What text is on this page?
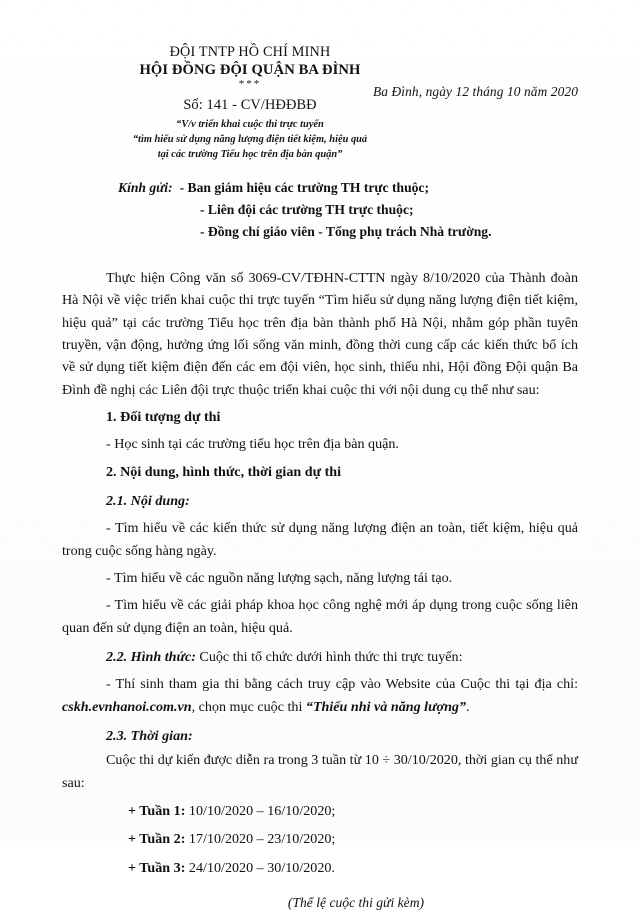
ĐỘI TNTP HỒ CHÍ MINH
HỘI ĐỒNG ĐỘI QUẬN BA ĐÌNH
***
Số: 141 - CV/HĐĐBĐ
“V/v triển khai cuộc thi trực tuyến
“tìm hiểu sử dụng năng lượng điện tiết kiệm, hiệu quả
tại các trường Tiểu học trên địa bàn quận”
Ba Đình, ngày 12 tháng 10 năm 2020
Kính gửi: - Ban giám hiệu các trường TH trực thuộc;
- Liên đội các trường TH trực thuộc;
- Đồng chí giáo viên - Tổng phụ trách Nhà trường.

Thực hiện Công văn số 3069-CV/TĐHN-CTTN ngày 8/10/2020 của Thành đoàn Hà Nội về việc triển khai cuộc thi trực tuyến “Tìm hiểu sử dụng năng lượng điện tiết kiệm, hiệu quả” tại các trường Tiểu học trên địa bàn thành phố Hà Nội, nhằm góp phần tuyên truyền, vận động, hưởng ứng lối sống văn minh, đồng thời cung cấp các kiến thức bổ ích về sử dụng tiết kiệm điện đến các em đội viên, học sinh, thiếu nhi, Hội đồng Đội quận Ba Đình đề nghị các Liên đội trực thuộc triển khai cuộc thi với nội dung cụ thể như sau:

1. Đối tượng dự thi

- Học sinh tại các trường tiểu học trên địa bàn quận.

2. Nội dung, hình thức, thời gian dự thi
2.1. Nội dung:

- Tìm hiểu về các kiến thức sử dụng năng lượng điện an toàn, tiết kiệm, hiệu quả trong cuộc sống hàng ngày.

- Tìm hiểu về các nguồn năng lượng sạch, năng lượng tái tạo.

- Tìm hiểu về các giải pháp khoa học công nghệ mới áp dụng trong cuộc sống liên quan đến sử dụng điện an toàn, hiệu quả.

2.2. Hình thức: Cuộc thi tổ chức dưới hình thức thi trực tuyến:

- Thí sinh tham gia thi bằng cách truy cập vào Website của Cuộc thi tại địa chỉ: cskh.evnhanoi.com.vn, chọn mục cuộc thi “Thiếu nhi và năng lượng”.

2.3. Thời gian:

Cuộc thi dự kiến được diễn ra trong 3 tuần từ 10 ÷ 30/10/2020, thời gian cụ thể như sau:

+ Tuần 1: 10/10/2020 – 16/10/2020;
+ Tuần 2: 17/10/2020 – 23/10/2020;
+ Tuần 3: 24/10/2020 – 30/10/2020.
(Thể lệ cuộc thi gửi kèm)
